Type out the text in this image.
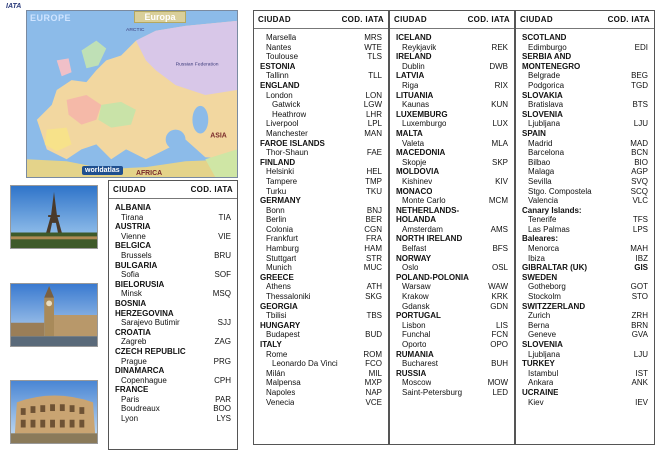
IATA
ARCTIC
Russian Federation
ASIA
AFRICA
EUROPE	Europa
worldatlas
CIUDAD	COD. IATA
ALBANIA
Tirana	TIA
AUSTRIA
Vienne	VIE
BELGICA
Brussels	BRU
BULGARIA
Sofia	SOF
BIELORUSIA
Minsk	MSQ
BOSNIA
HERZEGOVINA
Sarajevo Butimir	SJJ
CROATIA
Zagreb	ZAG
CZECH REPUBLIC
Prague	PRG
DINAMARCA
Copenhague	CPH
FRANCE
Paris	PAR
Boudreaux	BOO
Lyon	LYS
CIUDAD	COD. IATA
Marsella	MRS
Nantes	WTE
Toulouse	TLS
ESTONIA
Tallinn	TLL
ENGLAND
London	LON
Gatwick	LGW
Heathrow	LHR
Liverpool	LPL
Manchester	MAN
FAROE ISLANDS
Thor-Shaun	FAE
FINLAND
Helsinki	HEL
Tampere	TMP
Turku	TKU
GERMANY
Bonn	BNJ
Berlin	BER
Colonia	CGN
Frankfurt	FRA
Hamburg	HAM
Stuttgart	STR
Munich	MUC
GREECE
Athens	ATH
Thessaloniki	SKG
GEORGIA
Tbilisi	TBS
HUNGARY
Budapest	BUD
ITALY
Rome	ROM
Leonardo Da Vinci	FCO
Milán	MIL
Malpensa	MXP
Napoles	NAP
Venecia	VCE
CIUDAD	COD. IATA
ICELAND
Reykjavik	REK
IRELAND
Dublin	DWB
LATVIA
Riga	RIX
LITUANIA
Kaunas	KUN
LUXEMBURG
Luxemburgo	LUX
MALTA
Valeta	MLA
MACEDONIA
Skopje	SKP
MOLDOVIA
Kishinev	KIV
MONACO
Monte Carlo	MCM
NETHERLANDS-
HOLANDA
Amsterdam	AMS
NORTH IRELAND
Belfast	BFS
NORWAY
Oslo	OSL
POLAND-POLONIA
Warsaw	WAW
Krakow	KRK
Gdansk	GDN
PORTUGAL
Lisbon	LIS
Funchal	FCN
Oporto	OPO
RUMANIA
Bucharest	BUH
RUSSIA
Moscow	MOW
Saint-Petersburg	LED
CIUDAD	COD. IATA
SCOTLAND
Edimburgo	EDI
SERBIA AND
MONTENEGRO
Belgrade	BEG
Podgorica	TGD
SLOVAKIA
Bratislava	BTS
SLOVENIA
Ljubljana	LJU
SPAIN
Madrid	MAD
Barcelona	BCN
Bilbao	BIO
Malaga	AGP
Sevilla	SVQ
Stgo. Compostela	SCQ
Valencia	VLC
Canary Islands:
Tenerife	TFS
Las Palmas	LPS
Baleares:
Menorca	MAH
Ibiza	IBZ
GIBRALTAR (UK)	GIS
SWEDEN
Gotheborg	GOT
Stockolm	STO
SWITZZERLAND
Zurich	ZRH
Berna	BRN
Geneve	GVA
SLOVENIA
Ljubljana	LJU
TURKEY
Istambul	IST
Ankara	ANK
UCRAINE
Kiev	IEV
